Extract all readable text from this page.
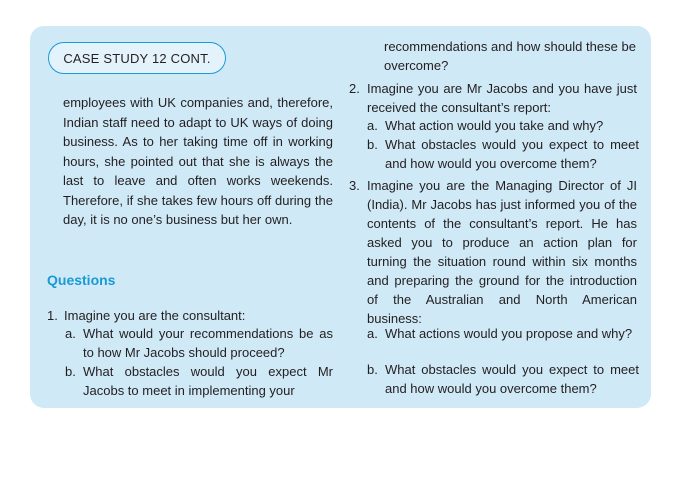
CASE STUDY 12 CONT.

employees with UK companies and, therefore, Indian staff need to adapt to UK ways of doing business. As to her taking time off in working hours, she pointed out that she is always the last to leave and often works weekends. Therefore, if she takes few hours off during the day, it is no one’s business but her own.

Questions
1. Imagine you are the consultant:
a. What would your recommendations be as to how Mr Jacobs should proceed?
b. What obstacles would you expect Mr Jacobs to meet in implementing your
recommendations and how should these be overcome?
2. Imagine you are Mr Jacobs and you have just received the consultant’s report:
a. What action would you take and why?
b. What obstacles would you expect to meet and how would you overcome them?
3. Imagine you are the Managing Director of JI (India). Mr Jacobs has just informed you of the contents of the consultant’s report. He has asked you to produce an action plan for turning the situation round within six months and preparing the ground for the introduction of the Australian and North American business:
a. What actions would you propose and why?
b. What obstacles would you expect to meet and how would you overcome them?
